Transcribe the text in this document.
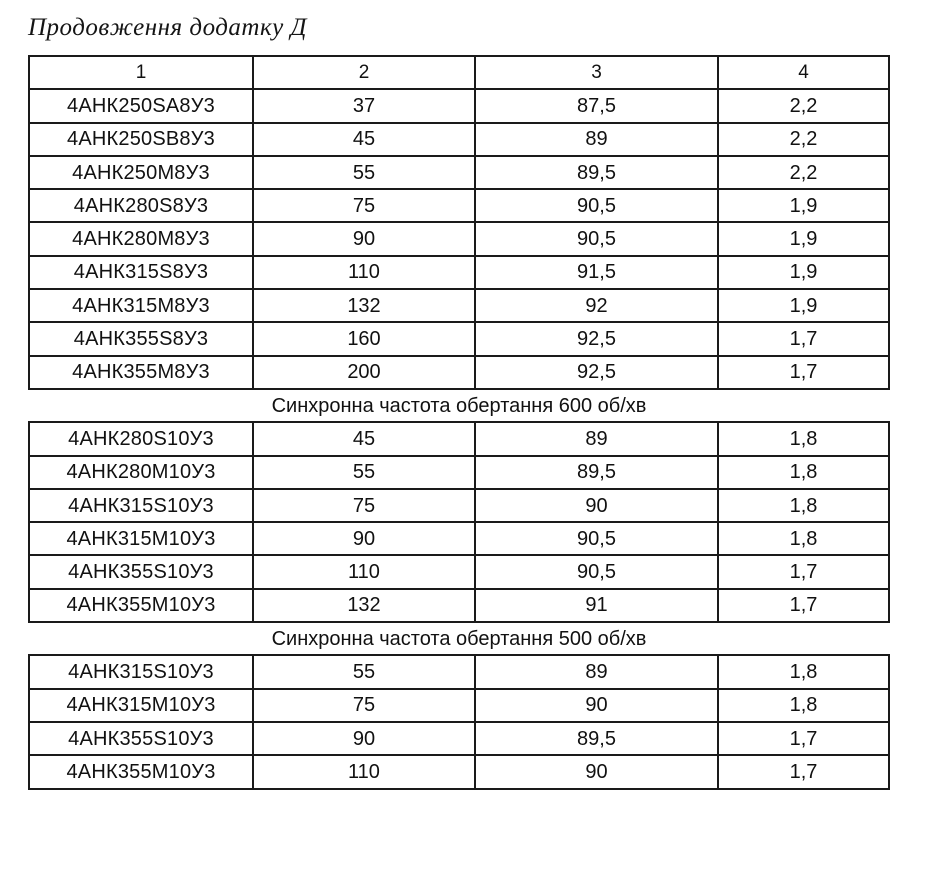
Продовження додатку Д
1	2	3	4
4АНК250SA8У3	37	87,5	2,2
4АНК250SB8У3	45	89	2,2
4АНК250M8У3	55	89,5	2,2
4АНК280S8У3	75	90,5	1,9
4АНК280M8У3	90	90,5	1,9
4АНК315S8У3	110	91,5	1,9
4АНК315M8У3	132	92	1,9
4АНК355S8У3	160	92,5	1,7
4АНК355M8У3	200	92,5	1,7
Синхронна частота обертання 600 об/хв			
4АНК280S10У3	45	89	1,8
4АНК280M10У3	55	89,5	1,8
4АНК315S10У3	75	90	1,8
4АНК315M10У3	90	90,5	1,8
4АНК355S10У3	110	90,5	1,7
4АНК355M10У3	132	91	1,7
Синхронна частота обертання 500 об/хв			
4АНК315S10У3	55	89	1,8
4АНК315M10У3	75	90	1,8
4АНК355S10У3	90	89,5	1,7
4АНК355M10У3	110	90	1,7
